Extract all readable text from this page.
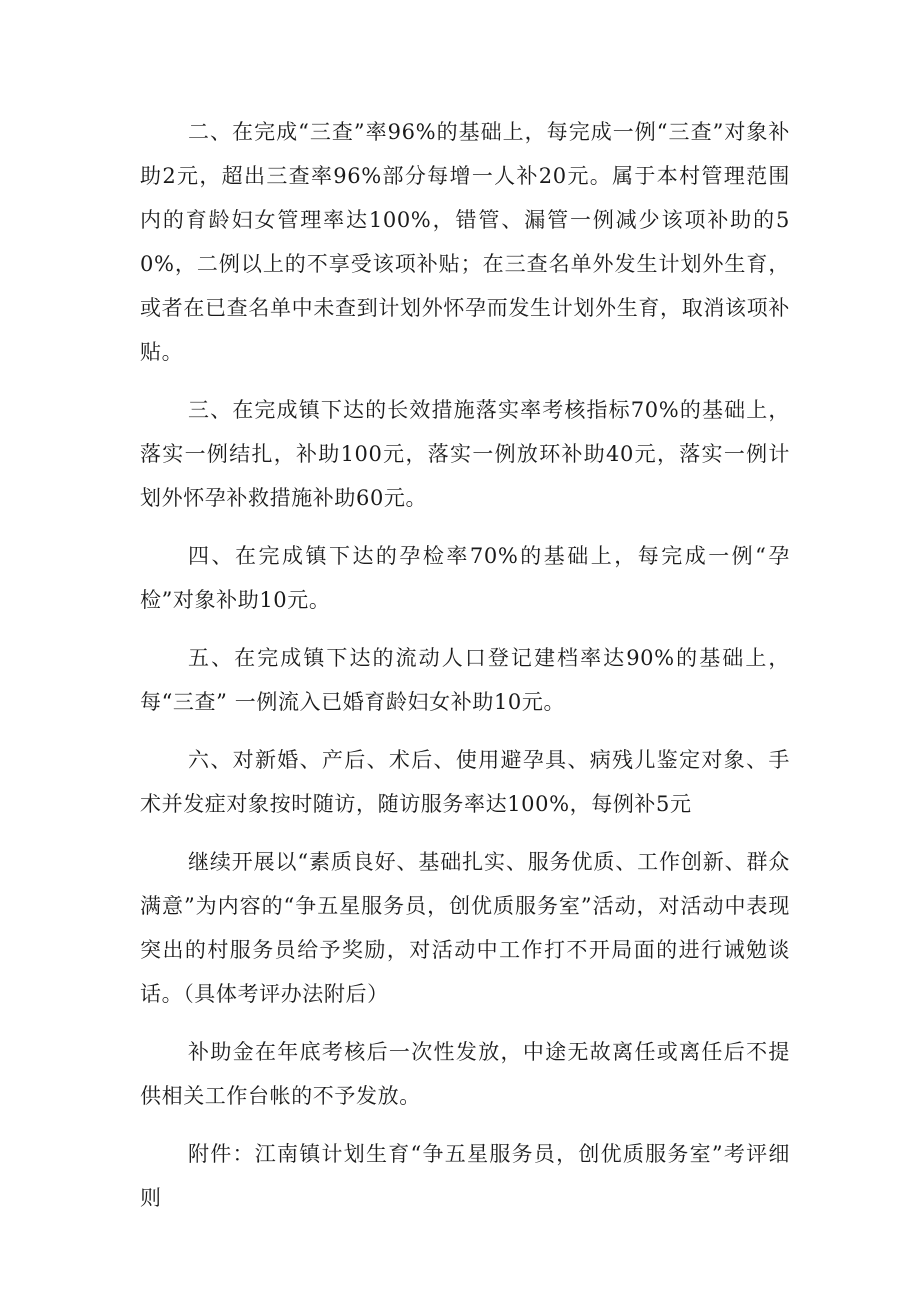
二、在完成“三查”率96%的基础上，每完成一例“三查”对象补助2元，超出三查率96%部分每增一人补20元。属于本村管理范围内的育龄妇女管理率达100%，错管、漏管一例减少该项补助的50%，二例以上的不享受该项补贴；在三查名单外发生计划外生育，或者在已查名单中未查到计划外怀孕而发生计划外生育，取消该项补贴。

三、在完成镇下达的长效措施落实率考核指标70%的基础上，落实一例结扎，补助100元，落实一例放环补助40元，落实一例计划外怀孕补救措施补助60元。

四、在完成镇下达的孕检率70%的基础上，每完成一例“孕检”对象补助10元。

五、在完成镇下达的流动人口登记建档率达90%的基础上，每“三查” 一例流入已婚育龄妇女补助10元。

六、对新婚、产后、术后、使用避孕具、病残儿鉴定对象、手术并发症对象按时随访，随访服务率达100%，每例补5元

继续开展以“素质良好、基础扎实、服务优质、工作创新、群众满意”为内容的“争五星服务员，创优质服务室”活动，对活动中表现突出的村服务员给予奖励，对活动中工作打不开局面的进行诫勉谈话。（具体考评办法附后）

补助金在年底考核后一次性发放，中途无故离任或离任后不提供相关工作台帐的不予发放。

附件：江南镇计划生育“争五星服务员，创优质服务室”考评细则
